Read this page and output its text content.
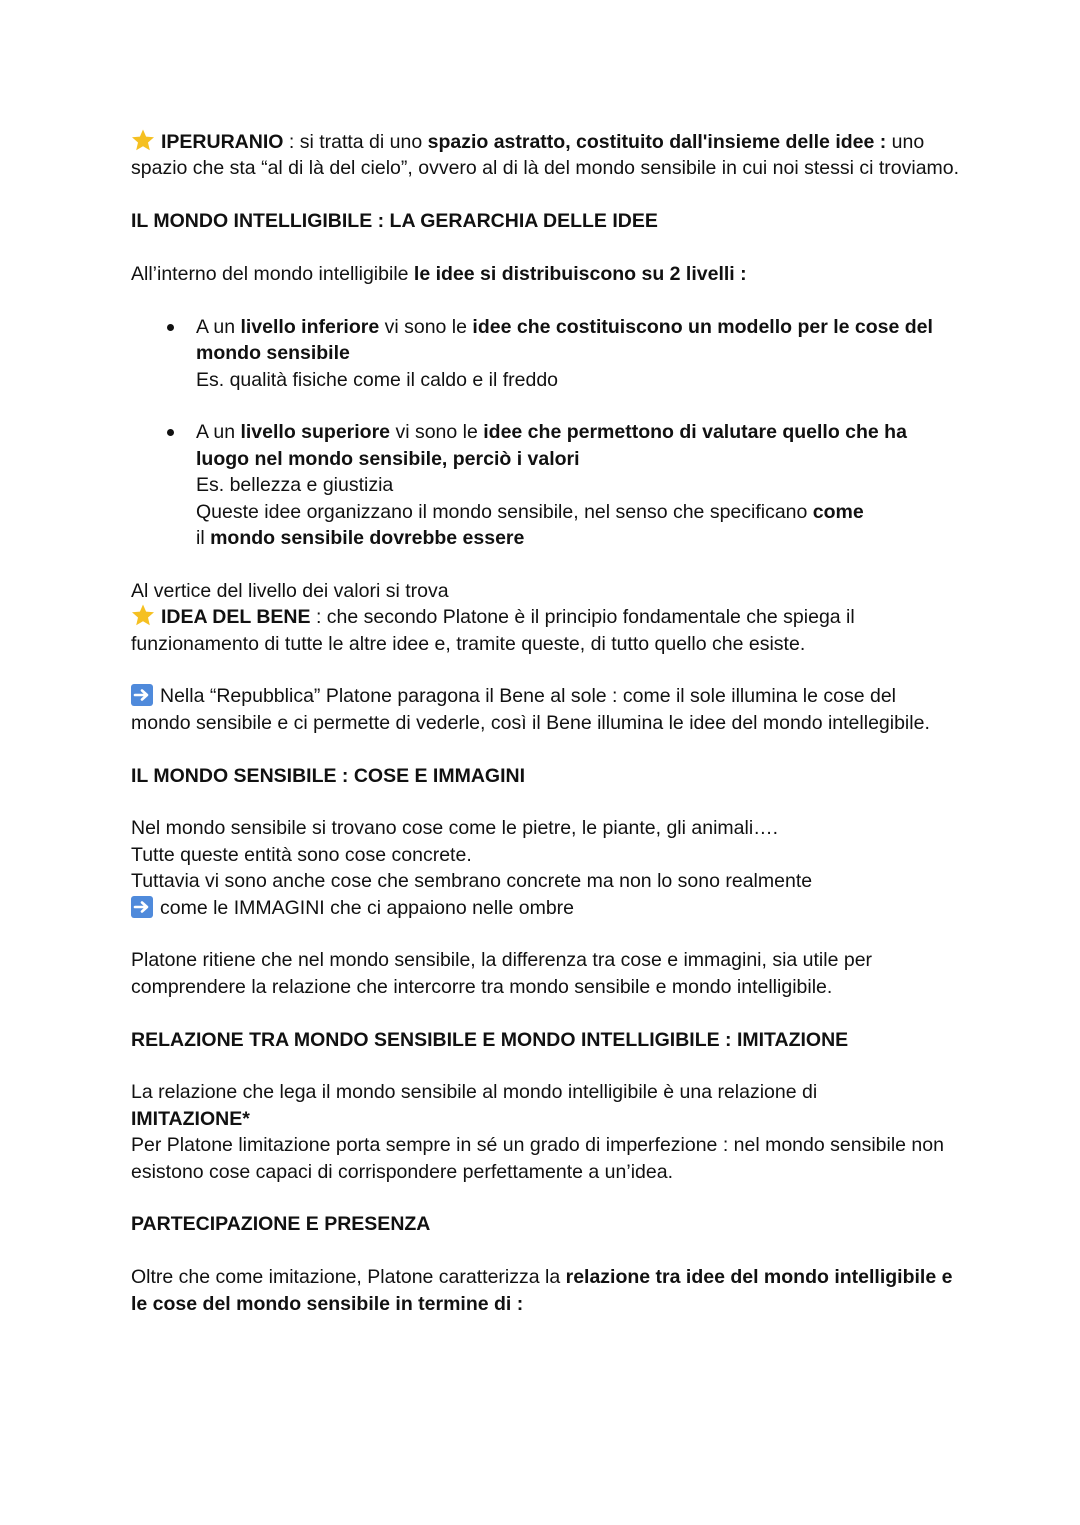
IPERURANIO : si tratta di uno spazio astratto, costituito dall'insieme delle idee : uno spazio che sta “al di là del cielo”, ovvero al di là del mondo sensibile in cui noi stessi ci troviamo.

IL MONDO INTELLIGIBILE : LA GERARCHIA DELLE IDEE

All’interno del mondo intelligibile le idee si distribuiscono su 2 livelli :

A un livello inferiore vi sono le idee che costituiscono un modello per le cose del mondo sensibile
Es. qualità fisiche come il caldo e il freddo
A un livello superiore vi sono le idee che permettono di valutare quello che ha luogo nel mondo sensibile, perciò i valori
Es. bellezza e giustizia
Queste idee organizzano il mondo sensibile, nel senso che specificano come
il mondo sensibile dovrebbe essere

Al vertice del livello dei valori si trova
IDEA DEL BENE : che secondo Platone è il principio fondamentale che spiega il funzionamento di tutte le altre idee e, tramite queste, di tutto quello che esiste.

Nella “Repubblica” Platone paragona il Bene al sole : come il sole illumina le cose del mondo sensibile e ci permette di vederle, così il Bene illumina le idee del mondo intellegibile.

IL MONDO SENSIBILE : COSE E IMMAGINI

Nel mondo sensibile si trovano cose come le pietre, le piante, gli animali….
Tutte queste entità sono cose concrete.
Tuttavia vi sono anche cose che sembrano concrete ma non lo sono realmente
come le IMMAGINI che ci appaiono nelle ombre

Platone ritiene che nel mondo sensibile, la differenza tra cose e immagini, sia utile per comprendere la relazione che intercorre tra mondo sensibile e mondo intelligibile.

RELAZIONE TRA MONDO SENSIBILE E MONDO INTELLIGIBILE : IMITAZIONE

La relazione che lega il mondo sensibile al mondo intelligibile è una relazione di
IMITAZIONE*
Per Platone limitazione porta sempre in sé un grado di imperfezione : nel mondo sensibile non esistono cose capaci di corrispondere perfettamente a un’idea.

PARTECIPAZIONE E PRESENZA

Oltre che come imitazione, Platone caratterizza la relazione tra idee del mondo intelligibile e le cose del mondo sensibile in termine di :
